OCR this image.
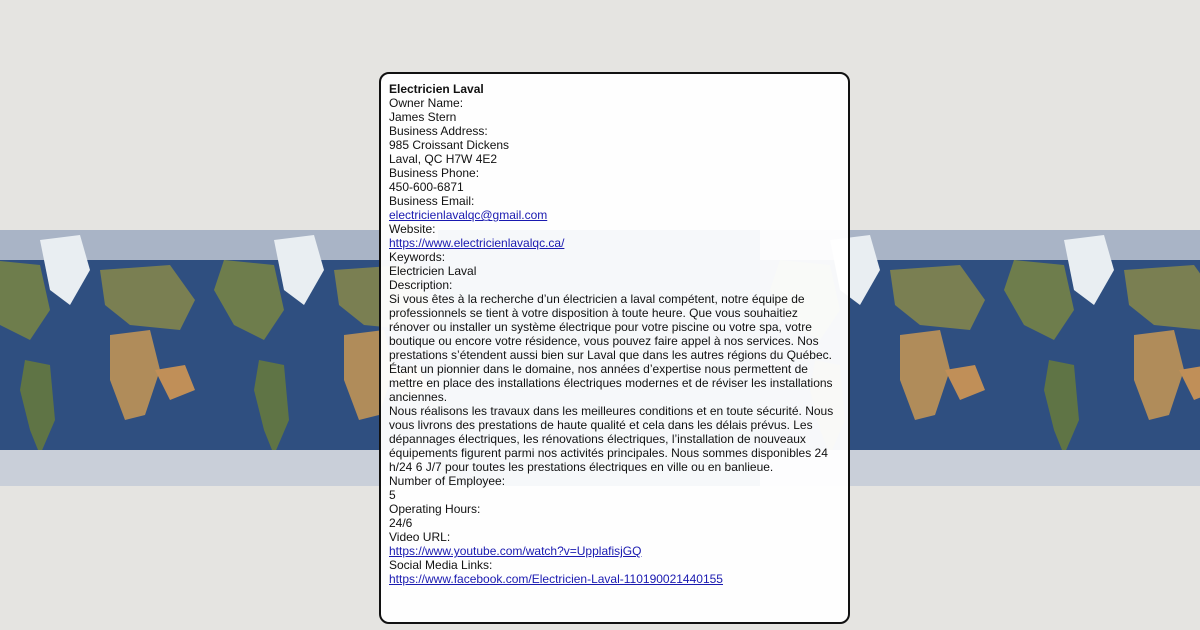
Electricien Laval
Owner Name:
James Stern
Business Address:
985 Croissant Dickens
Laval, QC H7W 4E2
Business Phone:
450-600-6871
Business Email:
electricienlavalqc@gmail.com
Website:
https://www.electricienlavalqc.ca/
Keywords:
Electricien Laval
Description:
Si vous êtes à la recherche d’un électricien a laval compétent, notre équipe de professionnels se tient à votre disposition à toute heure. Que vous souhaitiez rénover ou installer un système électrique pour votre piscine ou votre spa, votre boutique ou encore votre résidence, vous pouvez faire appel à nos services. Nos prestations s’étendent aussi bien sur Laval que dans les autres régions du Québec. Étant un pionnier dans le domaine, nos années d’expertise nous permettent de mettre en place des installations électriques modernes et de réviser les installations anciennes.
Nous réalisons les travaux dans les meilleures conditions et en toute sécurité. Nous vous livrons des prestations de haute qualité et cela dans les délais prévus. Les dépannages électriques, les rénovations électriques, l’installation de nouveaux équipements figurent parmi nos activités principales. Nous sommes disponibles 24 h/24 6 J/7 pour toutes les prestations électriques en ville ou en banlieue.
Number of Employee:
5
Operating Hours:
24/6
Video URL:
https://www.youtube.com/watch?v=UpplafisjGQ
Social Media Links:
https://www.facebook.com/Electricien-Laval-110190021440155
